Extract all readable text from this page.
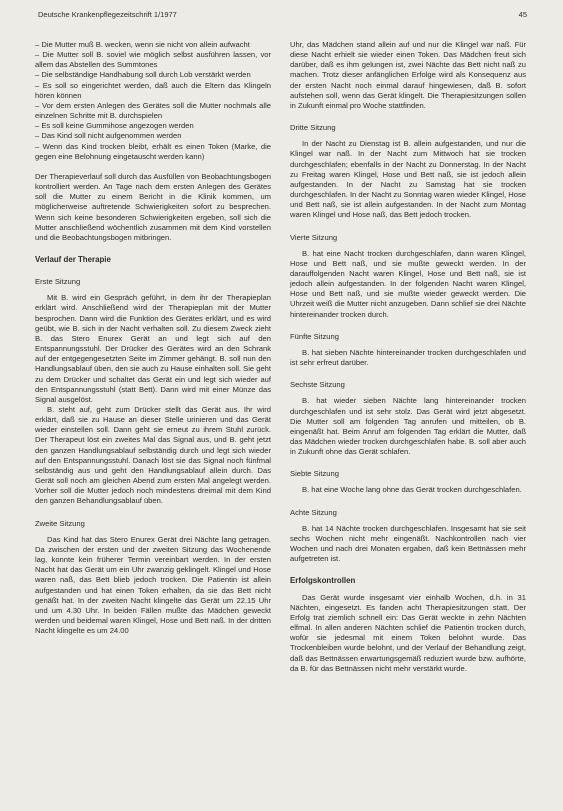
Deutsche Krankenpflegezeitschrift 1/1977	45

– Die Mutter muß B. wecken, wenn sie nicht von allein aufwacht

– Die Mutter soll B. soviel wie möglich selbst ausführen lassen, vor allem das Abstellen des Summtones

– Die selbständige Handhabung soll durch Lob verstärkt werden

– Es soll so eingerichtet werden, daß auch die Eltern das Klingeln hören können

– Vor dem ersten Anlegen des Gerätes soll die Mutter nochmals alle einzelnen Schritte mit B. durchspielen

– Es soll keine Gummihose angezogen werden

– Das Kind soll nicht aufgenommen werden

– Wenn das Kind trocken bleibt, erhält es einen Token (Marke, die gegen eine Belohnung eingetauscht werden kann)

Der Therapieverlauf soll durch das Ausfüllen von Beobachtungsbogen kontrolliert werden. An Tage nach dem ersten Anlegen des Gerätes soll die Mutter zu einem Bericht in die Klinik kommen, um möglicherweise auftretende Schwierigkeiten sofort zu besprechen. Wenn sich keine besonderen Schwierigkeiten ergeben, soll sich die Mutter anschließend wöchentlich zusammen mit dem Kind vorstellen und die Beobachtungsbogen mitbringen.

Verlauf der Therapie
Erste Sitzung

Mit B. wird ein Gespräch geführt, in dem ihr der Therapieplan erklärt wird. Anschließend wird der Therapieplan mit der Mutter besprochen. Dann wird die Funktion des Gerätes erklärt, und es wird geübt, wie B. sich in der Nacht verhalten soll. Zu diesem Zweck zieht B. das Stero Enurex Gerät an und legt sich auf den Entspannungsstuhl. Der Drücker des Gerätes wird an den Schrank auf der entgegengesetzten Seite im Zimmer gehängt. B. soll nun den Handlungsablauf üben, den sie auch zu Hause einhalten soll. Sie geht zu dem Drücker und schaltet das Gerät ein und legt sich wieder auf den Entspannungsstuhl (statt Bett). Dann wird mit einer Münze das Signal ausgelöst.

B. steht auf, geht zum Drücker stellt das Gerät aus. Ihr wird erklärt, daß sie zu Hause an dieser Stelle urinieren und das Gerät wieder einstellen soll. Dann geht sie erneut zu ihrem Stuhl zurück. Der Therapeut löst ein zweites Mal das Signal aus, und B. geht jetzt den ganzen Handlungsablauf selbständig durch und legt sich wieder auf den Entspannungsstuhl. Danach löst sie das Signal noch fünfmal selbständig aus und geht den Handlungsablauf allein durch. Das Gerät soll noch am gleichen Abend zum ersten Mal angelegt werden. Vorher soll die Mutter jedoch noch mindestens dreimal mit dem Kind den ganzen Behandlungsablauf üben.

Zweite Sitzung

Das Kind hat das Stero Enurex Gerät drei Nächte lang getragen. Da zwischen der ersten und der zweiten Sitzung das Wochenende lag, konnte kein früherer Termin vereinbart werden. In der ersten Nacht hat das Gerät um ein Uhr zwanzig geklingelt. Klingel und Hose waren naß, das Bett blieb jedoch trocken. Die Patientin ist allein aufgestanden und hat einen Token erhalten, da sie das Bett nicht genäßt hat. In der zweiten Nacht klingelte das Gerät um 22.15 Uhr und um 4.30 Uhr. In beiden Fällen mußte das Mädchen geweckt werden und beidemal waren Klingel, Hose und Bett naß. In der dritten Nacht klingelte es um 24.00

Uhr, das Mädchen stand allein auf und nur die Klingel war naß. Für diese Nacht erhielt sie wieder einen Token. Das Mädchen freut sich darüber, daß es ihm gelungen ist, zwei Nächte das Bett nicht naß zu machen. Trotz dieser anfänglichen Erfolge wird als Konsequenz aus der ersten Nacht noch einmal darauf hingewiesen, daß B. sofort aufstehen soll, wenn das Gerät klingelt. Die Therapiesitzungen sollen in Zukunft einmal pro Woche stattfinden.

Dritte Sitzung

In der Nacht zu Dienstag ist B. allein aufgestanden, und nur die Klingel war naß. In der Nacht zum Mittwoch hat sie trocken durchgeschlafen; ebenfalls in der Nacht zu Donnerstag. In der Nacht zu Freitag waren Klingel, Hose und Bett naß, sie ist jedoch allein aufgestanden. In der Nacht zu Samstag hat sie trocken durchgeschlafen. In der Nacht zu Sonntag waren wieder Klingel, Hose und Bett naß, sie ist allein aufgestanden. In der Nacht zum Montag waren Klingel und Hose naß, das Bett jedoch trocken.

Vierte Sitzung

B. hat eine Nacht trocken durchgeschlafen, dann waren Klingel, Hose und Bett naß, und sie mußte geweckt werden. In der darauffolgenden Nacht waren Klingel, Hose und Bett naß, sie ist jedoch allein aufgestanden. In der folgenden Nacht waren Klingel, Hose und Bett naß, und sie mußte wieder geweckt werden. Die Uhrzeit weiß die Mutter nicht anzugeben. Dann schlief sie drei Nächte hintereinander trocken durch.

Fünfte Sitzung

B. hat sieben Nächte hintereinander trocken durchgeschlafen und ist sehr erfreut darüber.

Sechste Sitzung

B. hat wieder sieben Nächte lang hintereinander trocken durchgeschlafen und ist sehr stolz. Das Gerät wird jetzt abgesetzt. Die Mutter soll am folgenden Tag anrufen und mitteilen, ob B. eingenäßt hat. Beim Anruf am folgenden Tag erklärt die Mutter, daß das Mädchen wieder trocken durchgeschlafen habe. B. soll aber auch in Zukunft ohne das Gerät schlafen.

Siebte Sitzung

B. hat eine Woche lang ohne das Gerät trocken durchgeschlafen.

Achte Sitzung

B. hat 14 Nächte trocken durchgeschlafen. Insgesamt hat sie seit sechs Wochen nicht mehr eingenäßt. Nachkontrollen nach vier Wochen und nach drei Monaten ergaben, daß kein Bettnässen mehr aufgetreten ist.

Erfolgskontrollen

Das Gerät wurde insgesamt vier einhalb Wochen, d.h. in 31 Nächten, eingesetzt. Es fanden acht Therapiesitzungen statt. Der Erfolg trat ziemlich schnell ein: Das Gerät weckte in zehn Nächten elfmal. In allen anderen Nächten schlief die Patientin trocken durch, wofür sie jedesmal mit einem Token belohnt wurde. Das Trockenbleiben wurde belohnt, und der Verlauf der Behandlung zeigt, daß das Bettnässen erwartungsgemäß reduziert wurde bzw. aufhörte, da B. für das Bettnässen nicht mehr verstärkt wurde.
